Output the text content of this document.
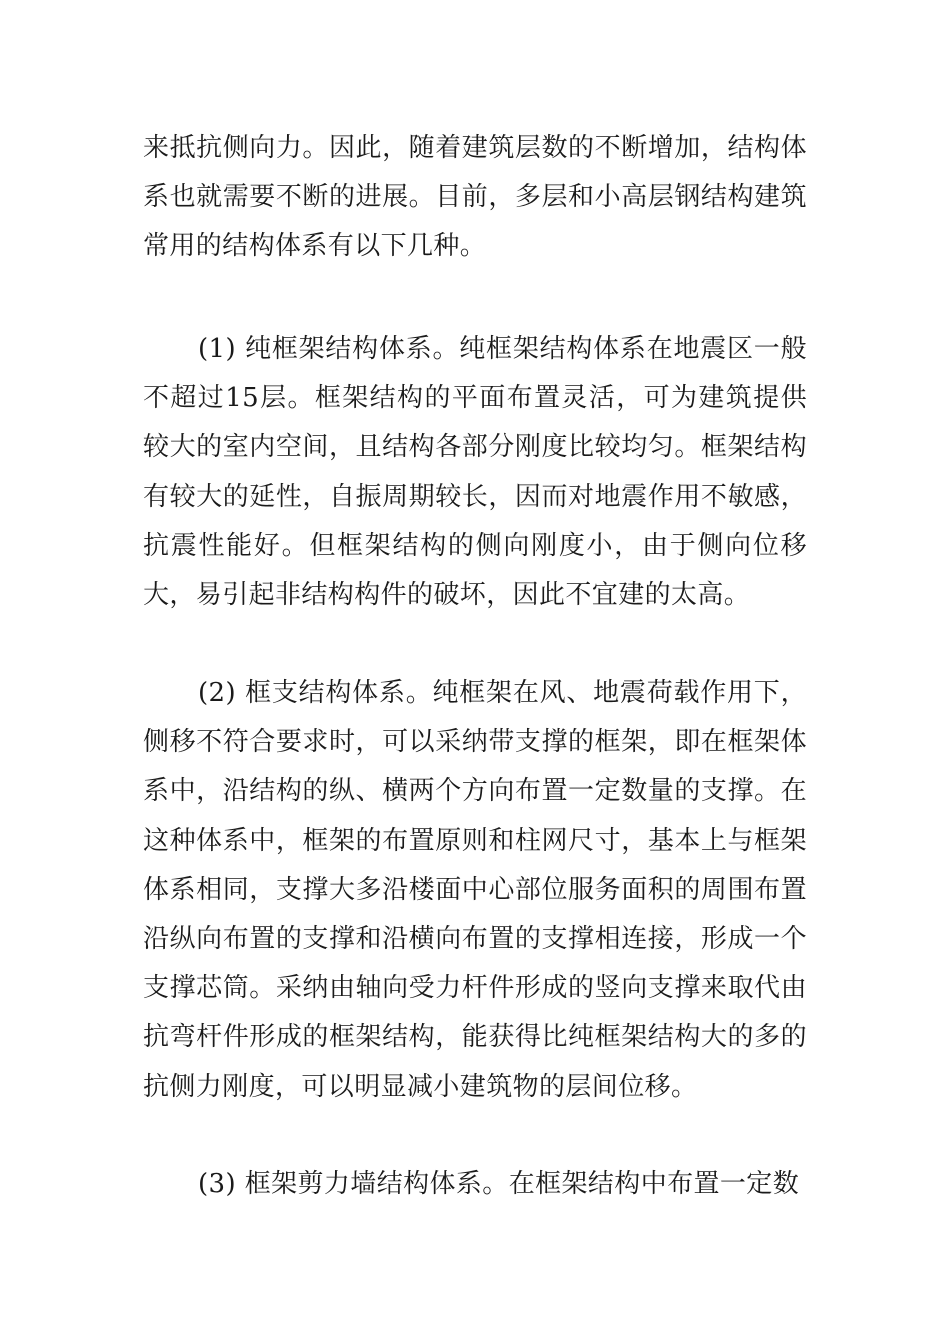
来抵抗侧向力。因此，随着建筑层数的不断增加，结构体系也就需要不断的进展。目前，多层和小高层钢结构建筑常用的结构体系有以下几种。

(1) 纯框架结构体系。纯框架结构体系在地震区一般不超过15层。框架结构的平面布置灵活，可为建筑提供较大的室内空间，且结构各部分刚度比较均匀。框架结构有较大的延性，自振周期较长，因而对地震作用不敏感，抗震性能好。但框架结构的侧向刚度小，由于侧向位移大，易引起非结构构件的破坏，因此不宜建的太高。

(2) 框支结构体系。纯框架在风、地震荷载作用下，侧移不符合要求时，可以采纳带支撑的框架，即在框架体系中，沿结构的纵、横两个方向布置一定数量的支撑。在这种体系中，框架的布置原则和柱网尺寸，基本上与框架体系相同，支撑大多沿楼面中心部位服务面积的周围布置沿纵向布置的支撑和沿横向布置的支撑相连接，形成一个支撑芯筒。采纳由轴向受力杆件形成的竖向支撑来取代由抗弯杆件形成的框架结构，能获得比纯框架结构大的多的抗侧力刚度，可以明显减小建筑物的层间位移。

(3) 框架剪力墙结构体系。在框架结构中布置一定数
